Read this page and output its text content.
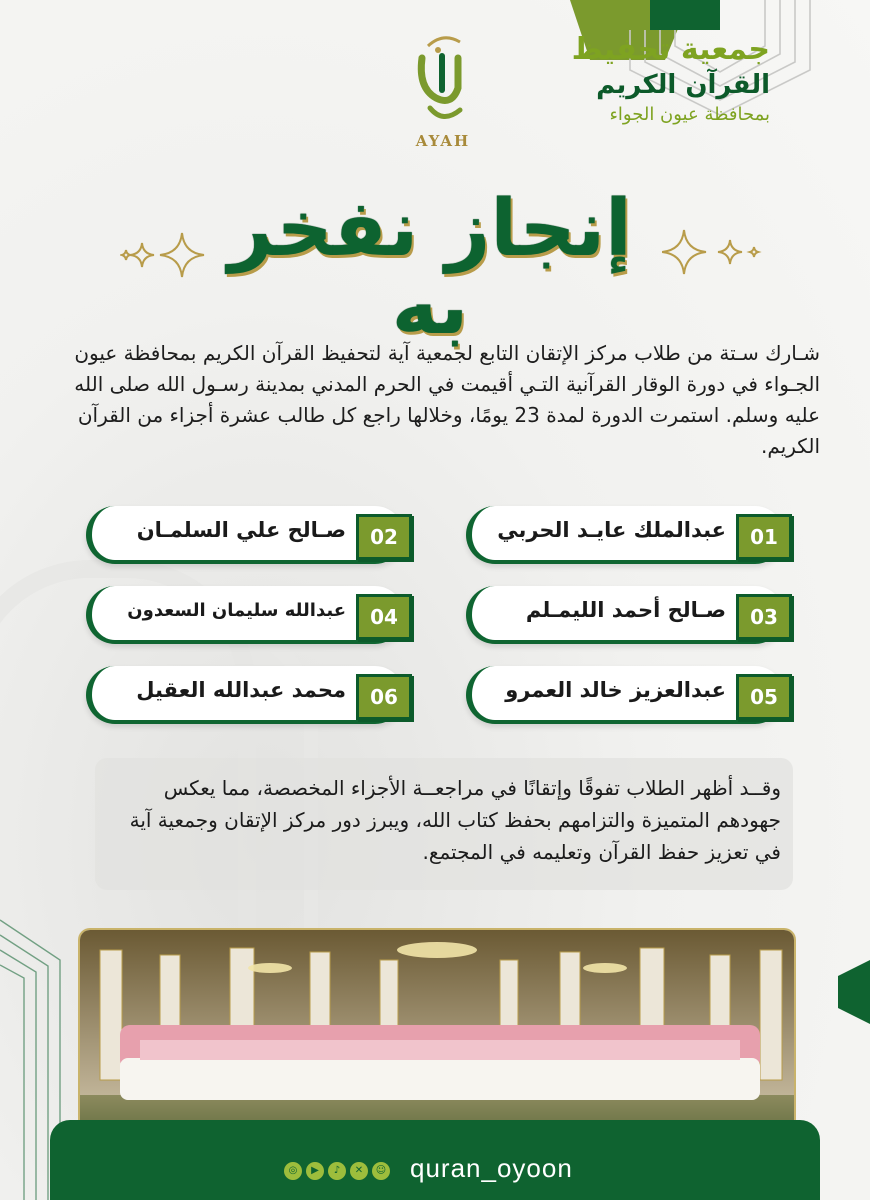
جمعية تحفيظ
القرآن الكريم
بمحافظة عيون الجواء
AYAH
إنجاز نفخر به
شـارك سـتة من طلاب مركز الإتقان التابع لجمعية آية لتحفيظ القرآن الكريم بمحافظة عيون الجـواء في دورة الوقار القرآنية التـي أقيمت في الحرم المدني بمدينة رسـول الله صلى الله عليه وسلم. استمرت الدورة لمدة 23 يومًا، وخلالها راجع كل طالب عشرة أجزاء من القرآن الكريم.
01
عبدالملك عايـد الحربي
02
صـالح علي السلمـان
03
صـالح أحمد الليمـلم
04
عبدالله سليمان السعدون
05
عبدالعزيز خالد العمرو
06
محمد عبدالله العقيل

وقــد أظهر الطلاب تفوقًا وإتقانًا في مراجعــة الأجزاء المخصصة، مما يعكس جهودهم المتميزة والتزامهم بحفظ كتاب الله، ويبرز دور مركز الإتقان وجمعية آية في تعزيز حفظ القرآن وتعليمه في المجتمع.

◎	▶	♪	✕	☺ quran_oyoon
